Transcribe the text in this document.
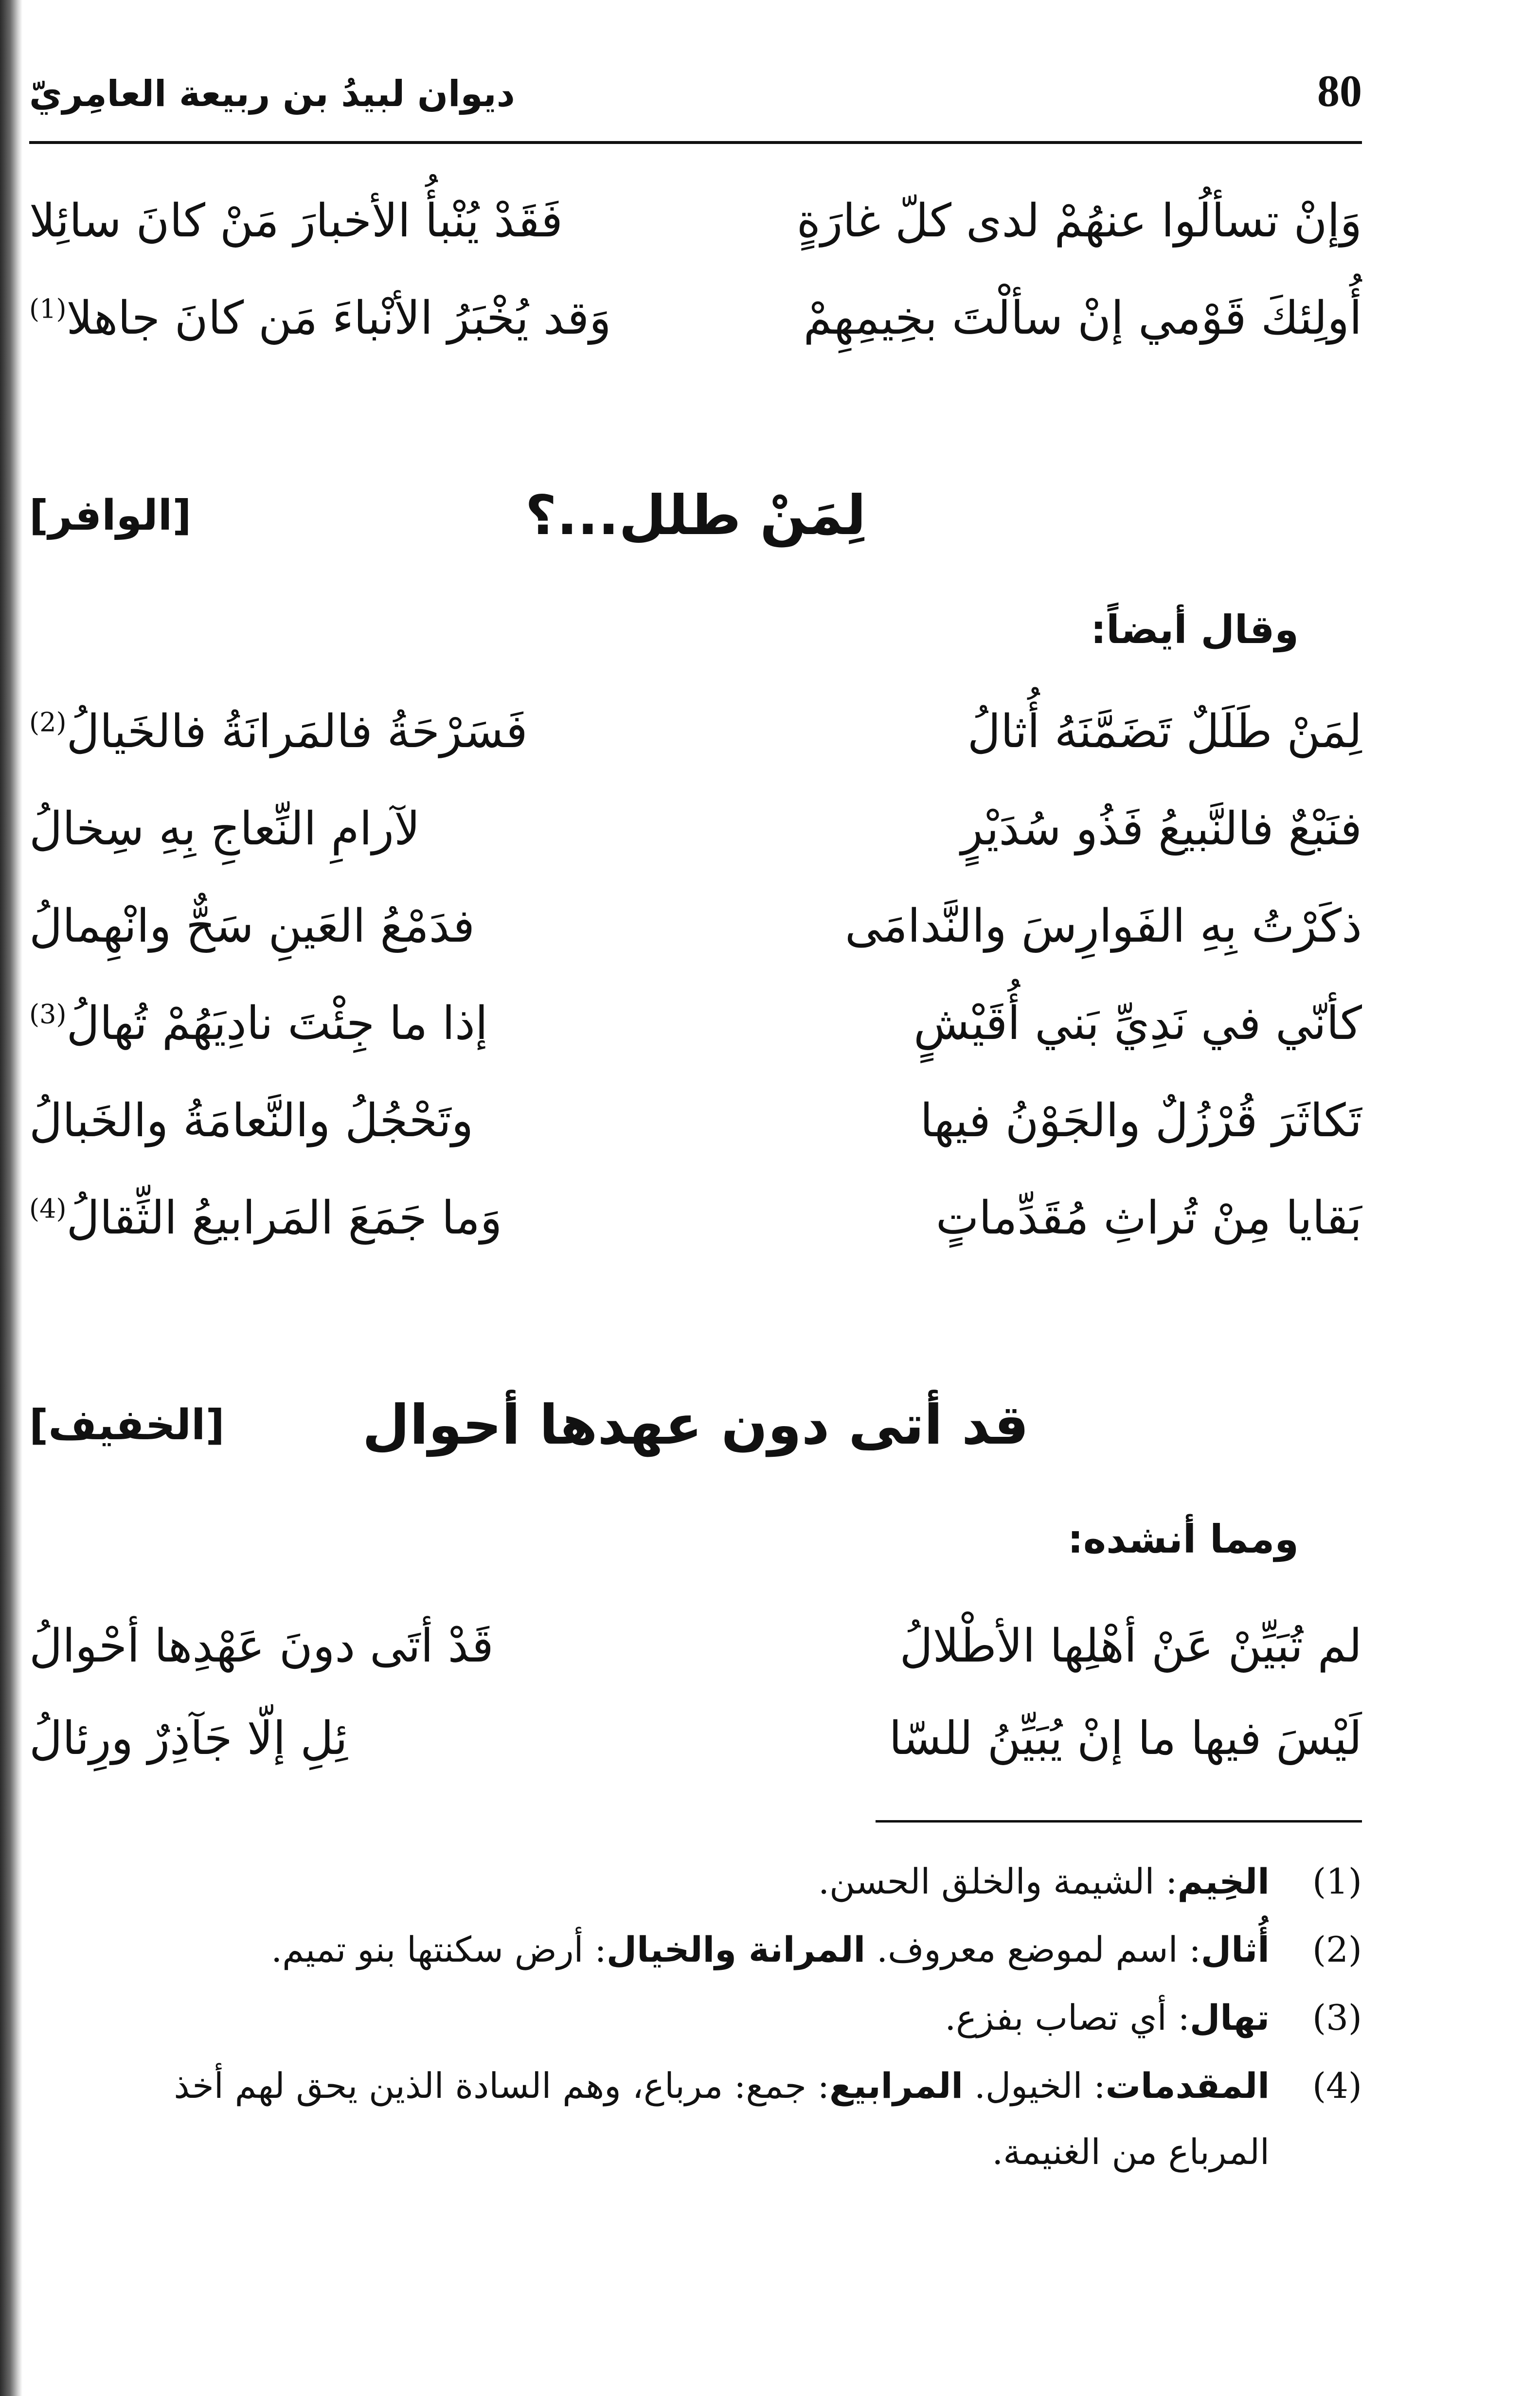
ديوان لبيدُ بن ربيعة العامِريّ	80
وَإنْ تسألُوا عنهُمْ لدى كلّ غارَةٍ
فَقَدْ يُنْبأُ الأخبارَ مَنْ كانَ سائِلا
أُولِئكَ قَوْمي إنْ سألْتَ بخِيمِهِمْ
وَقد يُخْبَرُ الأنْباءَ مَن كانَ جاهلا$^{(1)}$
لِمَنْ طلل...؟
[الوافر]
وقال أيضاً:
لِمَنْ طَلَلٌ تَضَمَّنَهُ أُثالُ
فَسَرْحَةُ فالمَرانَةُ فالخَيالُ$^{(2)}$
فنَبْعٌ فالنَّبيعُ فَذُو سُدَيْرٍ
لآرامِ النِّعاجِ بِهِ سِخالُ
ذكَرْتُ بِهِ الفَوارِسَ والنَّدامَى
فدَمْعُ العَينِ سَحٌّ وانْهِمالُ
كأنّي في نَدِيِّ بَني أُقَيْشٍ
إذا ما جِئْتَ نادِيَهُمْ تُهالُ$^{(3)}$
تَكاثَرَ قُرْزُلٌ والجَوْنُ فيها
وتَحْجُلُ والنَّعامَةُ والخَبالُ
بَقايا مِنْ تُراثِ مُقَدِّماتٍ
وَما جَمَعَ المَرابيعُ الثِّقالُ$^{(4)}$
قد أتى دون عهدها أحوال
[الخفيف]
ومما أنشده:
لم تُبَيِّنْ عَنْ أهْلِها الأطْلالُ
قَدْ أتَى دونَ عَهْدِها أحْوالُ
لَيْسَ فيها ما إنْ يُبَيِّنُ للسّا
ئِلِ إلّا جَآذِرٌ ورِئالُ
(1)
الخِيم: الشيمة والخلق الحسن.
(2)
أُثال: اسم لموضع معروف. المرانة والخيال: أرض سكنتها بنو تميم.
(3)
تهال: أي تصاب بفزع.
(4)
المقدمات: الخيول. المرابيع: جمع: مرباع، وهم السادة الذين يحق لهم أخذ
المرباع من الغنيمة.
